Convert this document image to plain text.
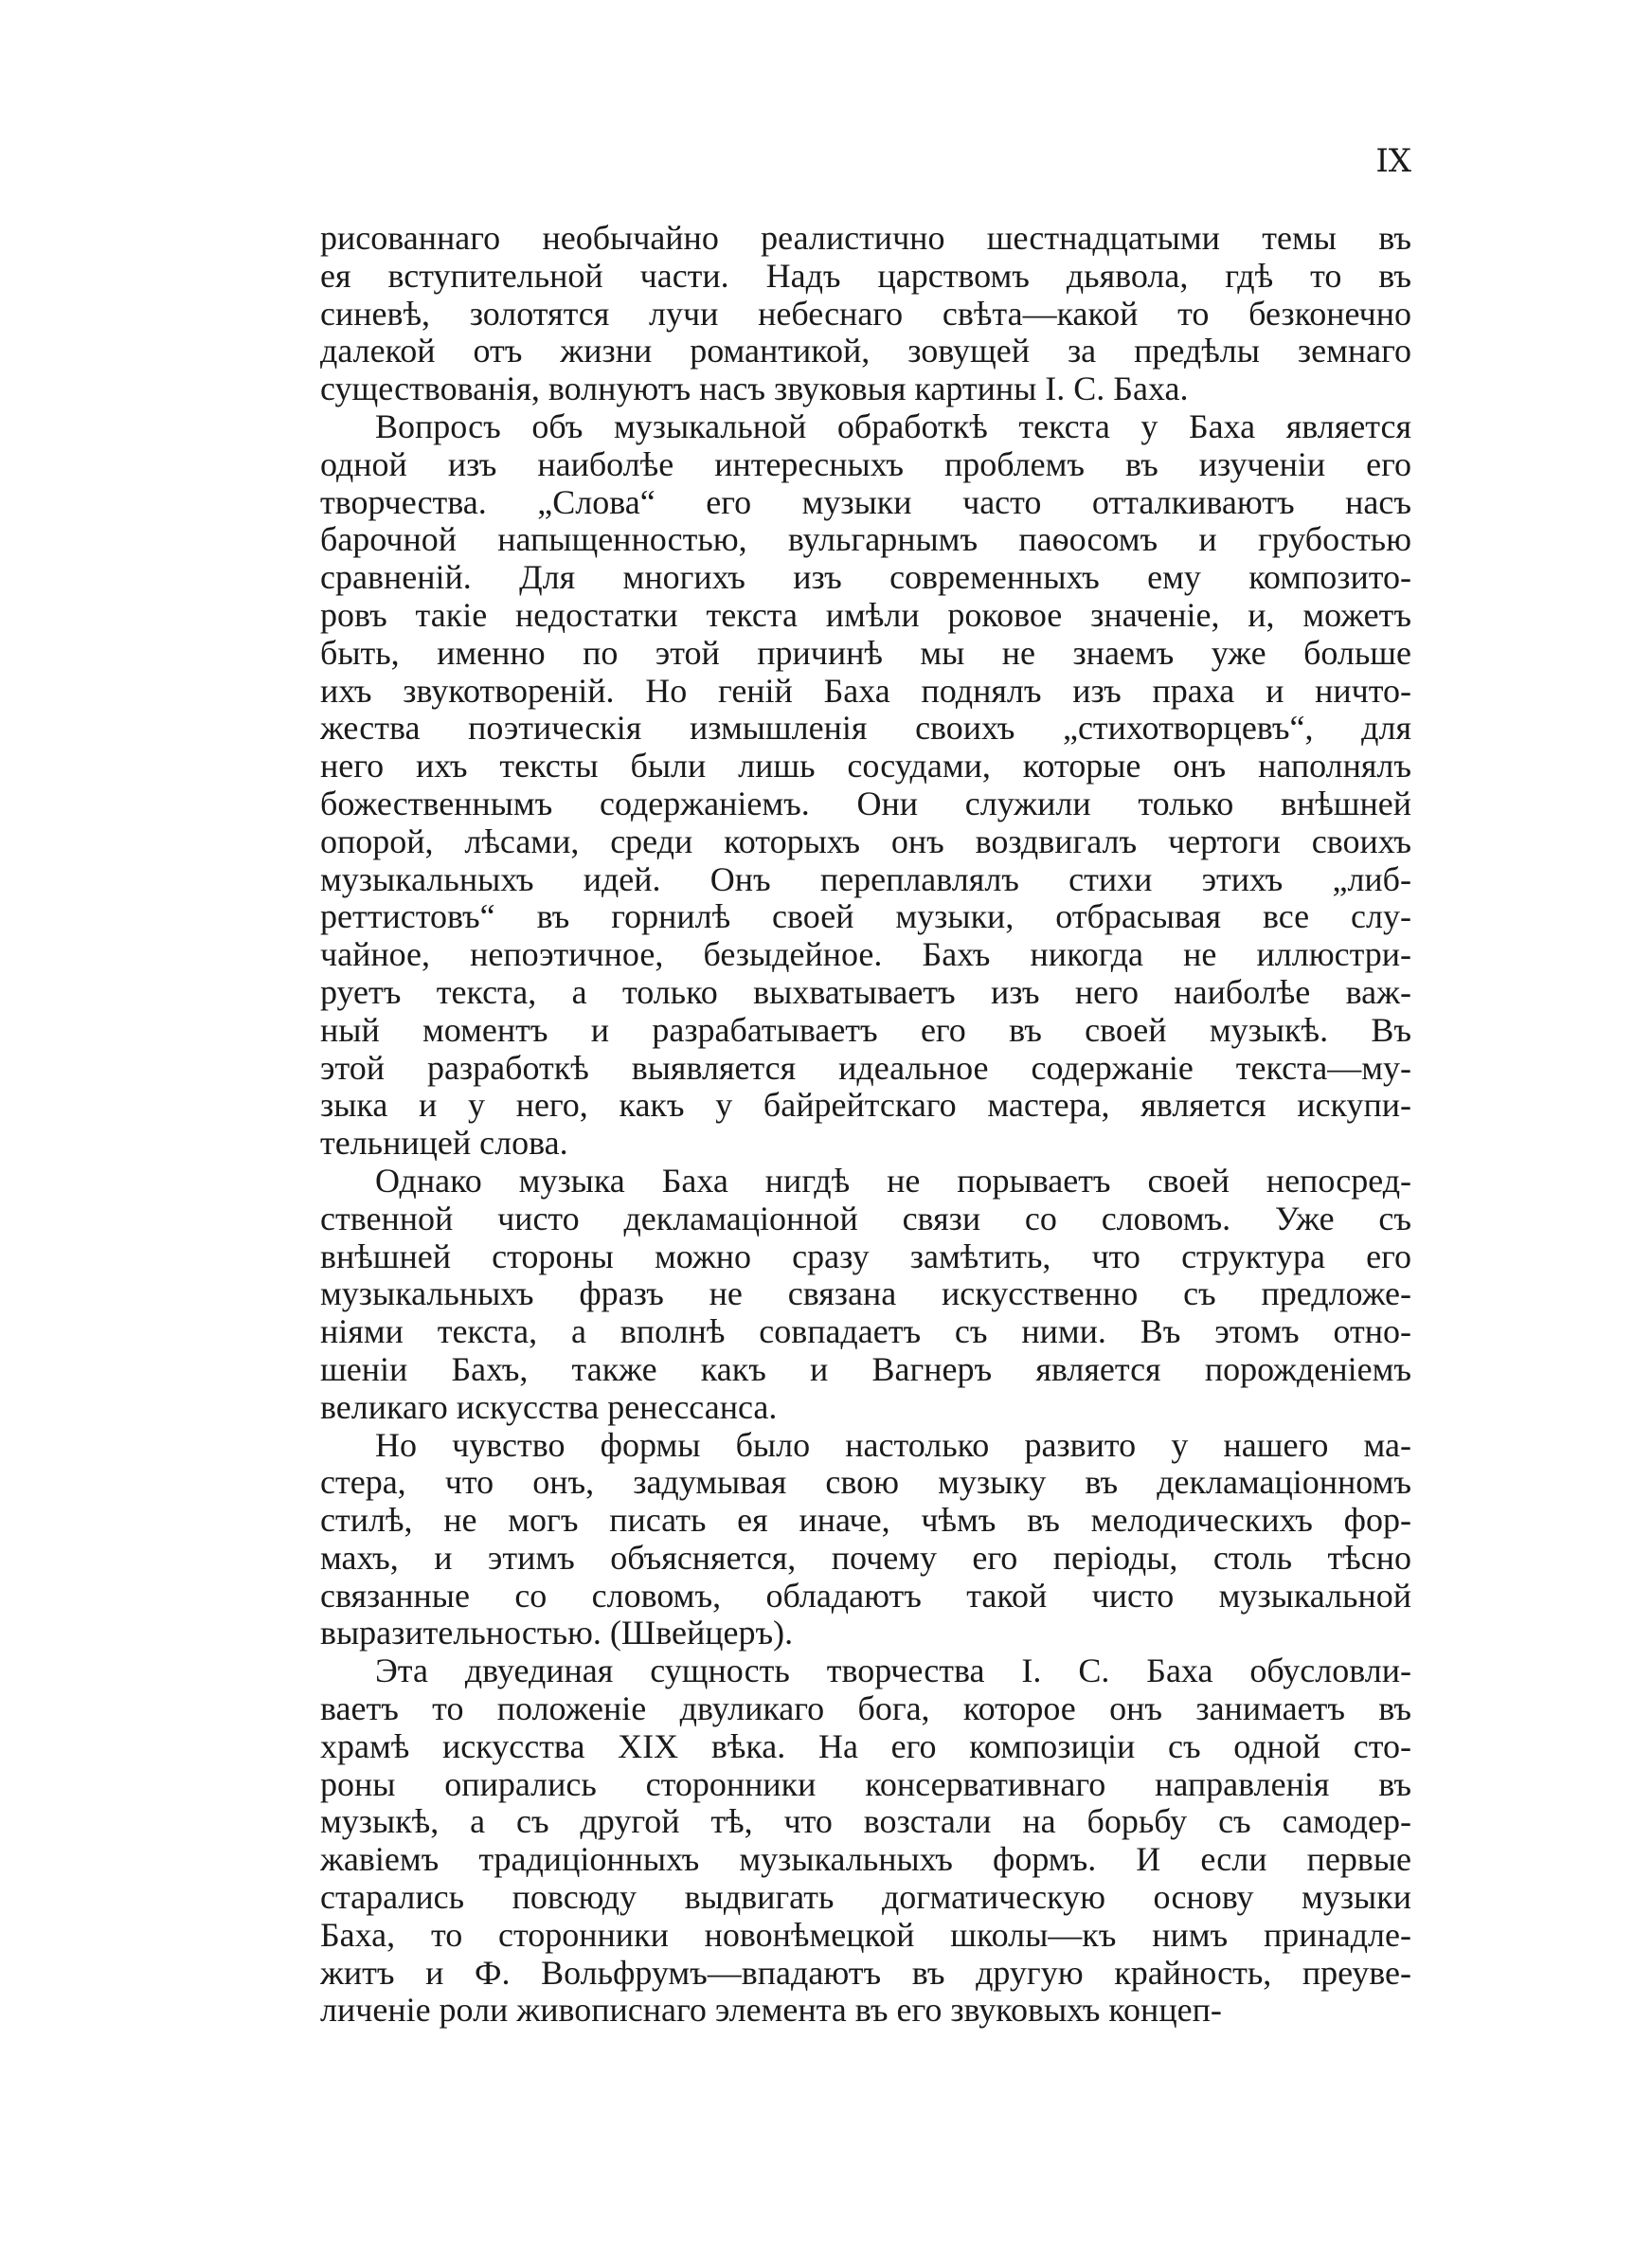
IX
рисованнаго необычайно реалистично шестнадцатыми темы въ
ея вступительной части. Надъ царствомъ дьявола, гдѣ то въ
синевѣ, золотятся лучи небеснаго свѣта—какой то безконечно
далекой отъ жизни романтикой, зовущей за предѣлы земнаго
существованія, волнуютъ насъ звуковыя картины І. С. Баха.
Вопросъ объ музыкальной обработкѣ текста у Баха является
одной изъ наиболѣе интересныхъ проблемъ въ изученіи его
творчества. „Слова“ его музыки часто отталкиваютъ насъ
барочной напыщенностью, вульгарнымъ паѳосомъ и грубостью
сравненій. Для многихъ изъ современныхъ ему композито-
ровъ такіе недостатки текста имѣли роковое значеніе, и, можетъ
быть, именно по этой причинѣ мы не знаемъ уже больше
ихъ звукотвореній. Но геній Баха поднялъ изъ праха и ничто-
жества поэтическія измышленія своихъ „стихотворцевъ“, для
него ихъ тексты были лишь сосудами, которые онъ наполнялъ
божественнымъ содержаніемъ. Они служили только внѣшней
опорой, лѣсами, среди которыхъ онъ воздвигалъ чертоги своихъ
музыкальныхъ идей. Онъ переплавлялъ стихи этихъ „либ-
реттистовъ“ въ горнилѣ своей музыки, отбрасывая все слу-
чайное, непоэтичное, безыдейное. Бахъ никогда не иллюстри-
руетъ текста, а только выхватываетъ изъ него наиболѣе важ-
ный моментъ и разрабатываетъ его въ своей музыкѣ. Въ
этой разработкѣ выявляется идеальное содержаніе текста—му-
зыка и у него, какъ у байрейтскаго мастера, является искупи-
тельницей слова.
Однако музыка Баха нигдѣ не порываетъ своей непосред-
ственной чисто декламаціонной связи со словомъ. Уже съ
внѣшней стороны можно сразу замѣтить, что структура его
музыкальныхъ фразъ не связана искусственно съ предложе-
ніями текста, а вполнѣ совпадаетъ съ ними. Въ этомъ отно-
шеніи Бахъ, также какъ и Вагнеръ является порожденіемъ
великаго искусства ренессанса.
Но чувство формы было настолько развито у нашего ма-
стера, что онъ, задумывая свою музыку въ декламаціонномъ
стилѣ, не могъ писать ея иначе, чѣмъ въ мелодическихъ фор-
махъ, и этимъ объясняется, почему его періоды, столь тѣсно
связанные со словомъ, обладаютъ такой чисто музыкальной
выразительностью. (Швейцеръ).
Эта двуединая сущность творчества І. С. Баха обусловли-
ваетъ то положеніе двуликаго бога, которое онъ занимаетъ въ
храмѣ искусства XIX вѣка. На его композиціи съ одной сто-
роны опирались сторонники консервативнаго направленія въ
музыкѣ, а съ другой тѣ, что возстали на борьбу съ самодер-
жавіемъ традиціонныхъ музыкальныхъ формъ. И если первые
старались повсюду выдвигать догматическую основу музыки
Баха, то сторонники новонѣмецкой школы—къ нимъ принадле-
житъ и Ф. Вольфрумъ—впадаютъ въ другую крайность, преуве-
личеніе роли живописнаго элемента въ его звуковыхъ концеп-
